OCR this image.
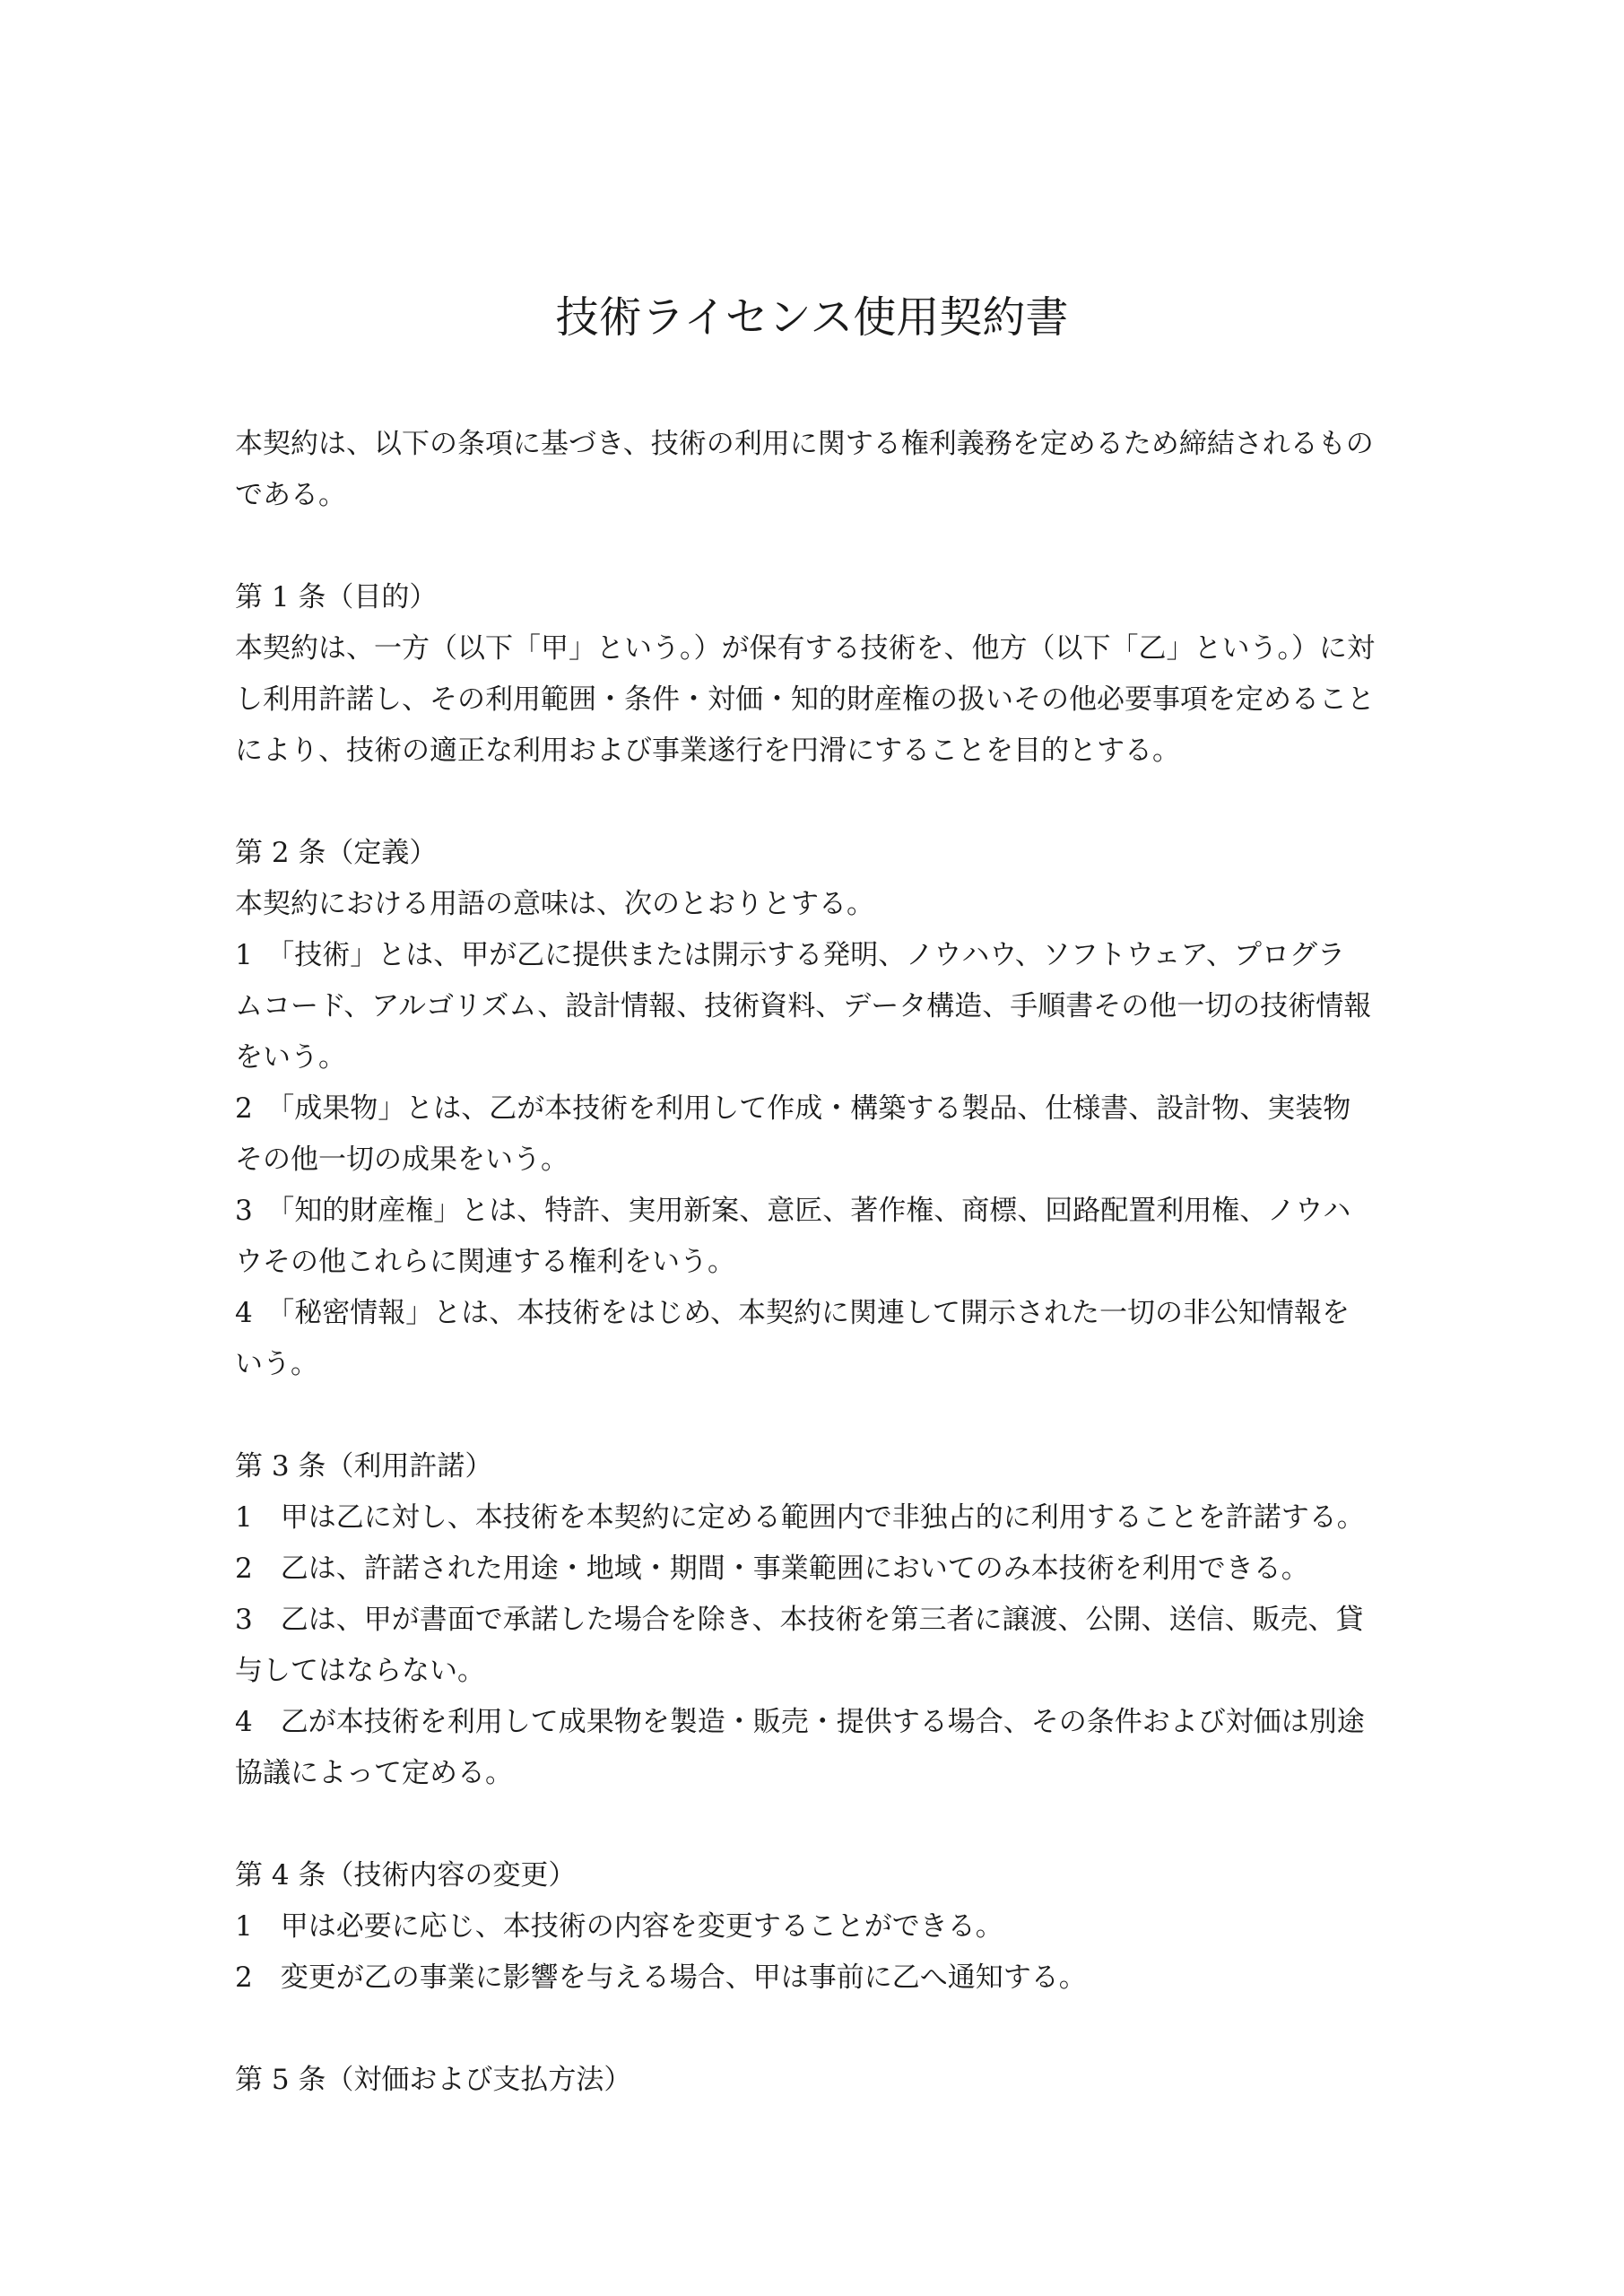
技術ライセンス使用契約書
本契約は、以下の条項に基づき、技術の利用に関する権利義務を定めるため締結されるもの
である。
第 1 条（目的）
本契約は、一方（以下「甲」という。）が保有する技術を、他方（以下「乙」という。）に対
し利用許諾し、その利用範囲・条件・対価・知的財産権の扱いその他必要事項を定めること
により、技術の適正な利用および事業遂行を円滑にすることを目的とする。
第 2 条（定義）
本契約における用語の意味は、次のとおりとする。
1　「技術」とは、甲が乙に提供または開示する発明、ノウハウ、ソフトウェア、プログラ
ムコード、アルゴリズム、設計情報、技術資料、データ構造、手順書その他一切の技術情報
をいう。
2　「成果物」とは、乙が本技術を利用して作成・構築する製品、仕様書、設計物、実装物
その他一切の成果をいう。
3　「知的財産権」とは、特許、実用新案、意匠、著作権、商標、回路配置利用権、ノウハ
ウその他これらに関連する権利をいう。
4　「秘密情報」とは、本技術をはじめ、本契約に関連して開示された一切の非公知情報を
いう。
第 3 条（利用許諾）
1　甲は乙に対し、本技術を本契約に定める範囲内で非独占的に利用することを許諾する。
2　乙は、許諾された用途・地域・期間・事業範囲においてのみ本技術を利用できる。
3　乙は、甲が書面で承諾した場合を除き、本技術を第三者に譲渡、公開、送信、販売、貸
与してはならない。
4　乙が本技術を利用して成果物を製造・販売・提供する場合、その条件および対価は別途
協議によって定める。
第 4 条（技術内容の変更）
1　甲は必要に応じ、本技術の内容を変更することができる。
2　変更が乙の事業に影響を与える場合、甲は事前に乙へ通知する。
第 5 条（対価および支払方法）
